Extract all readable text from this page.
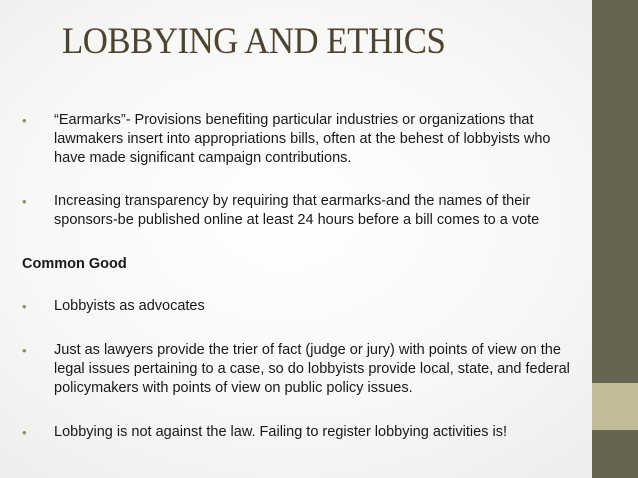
LOBBYING AND ETHICS
• “Earmarks”- Provisions benefiting particular industries or organizations that
lawmakers insert into appropriations bills, often at the behest of lobbyists who
have made significant campaign contributions.
• Increasing transparency by requiring that earmarks-and the names of their
sponsors-be published online at least 24 hours before a bill comes to a vote
Common Good
• Lobbyists as advocates
• Just as lawyers provide the trier of fact (judge or jury) with points of view on the
legal issues pertaining to a case, so do lobbyists provide local, state, and federal
policymakers with points of view on public policy issues.
• Lobbying is not against the law. Failing to register lobbying activities is!
